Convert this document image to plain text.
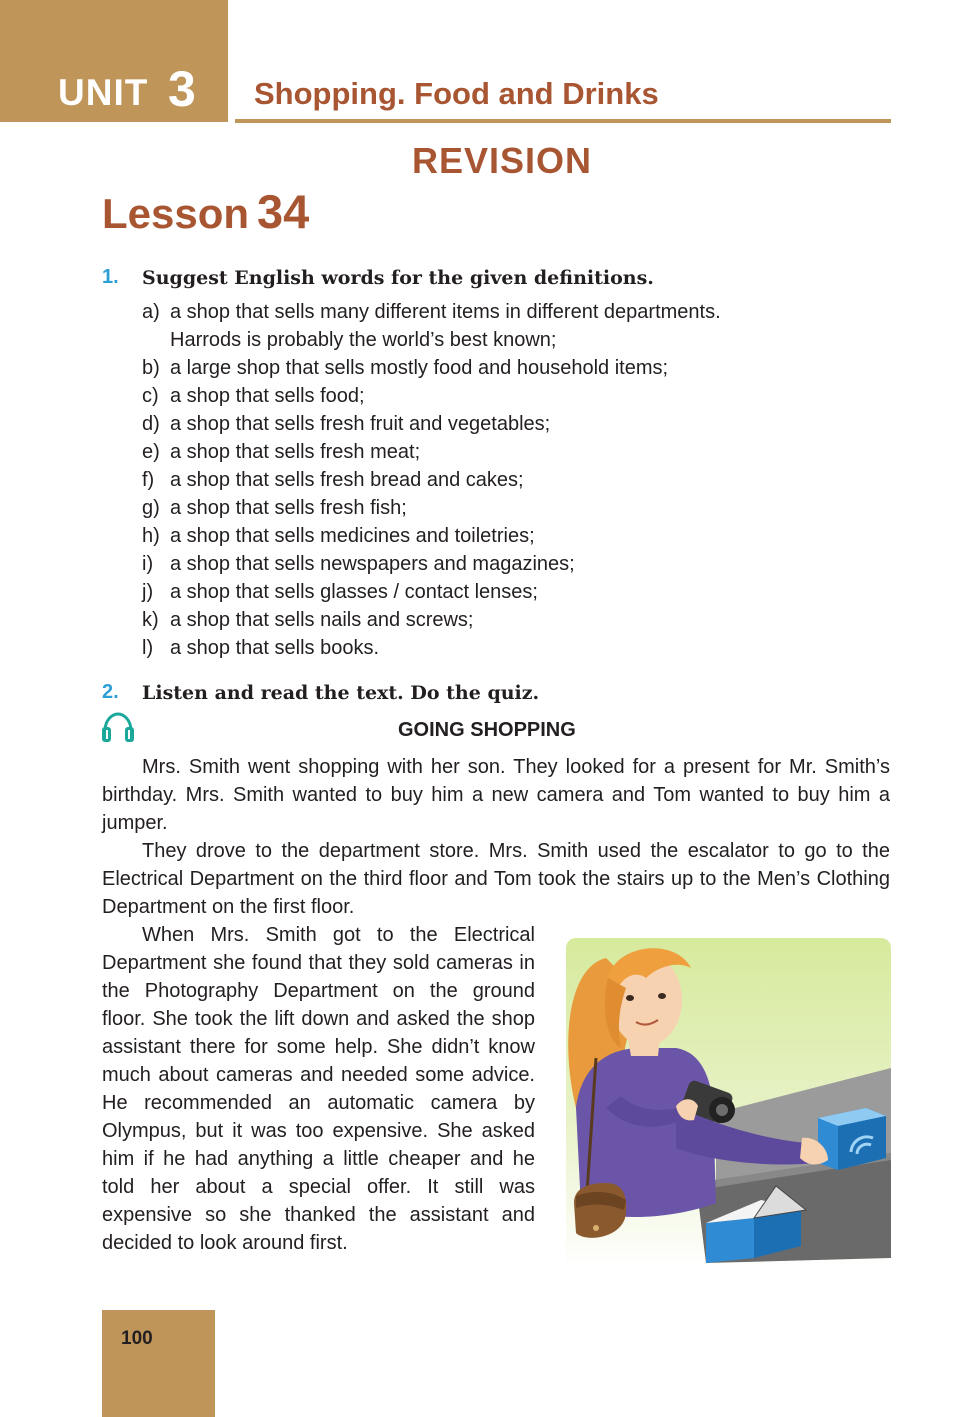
UNIT 3 Shopping. Food and Drinks
REVISION
Lesson 34
1. Suggest English words for the given definitions.
a) a shop that sells many different items in different departments.
Harrods is probably the world’s best known;
b) a large shop that sells mostly food and household items;
c) a shop that sells food;
d) a shop that sells fresh fruit and vegetables;
e) a shop that sells fresh meat;
f) a shop that sells fresh bread and cakes;
g) a shop that sells fresh fish;
h) a shop that sells medicines and toiletries;
i) a shop that sells newspapers and magazines;
j) a shop that sells glasses / contact lenses;
k) a shop that sells nails and screws;
l) a shop that sells books.
2. Listen and read the text. Do the quiz.
GOING SHOPPING
Mrs. Smith went shopping with her son. They looked for a present for Mr. Smith’s birthday. Mrs. Smith wanted to buy him a new camera and Tom wanted to buy him a jumper.
They drove to the department store. Mrs. Smith used the escalator to go to the Electrical Department on the third floor and Tom took the stairs up to the Men’s Clothing Department on the first floor.
When Mrs. Smith got to the Electrical Department she found that they sold cameras in the Photography Department on the ground floor. She took the lift down and asked the shop assistant there for some help. She didn’t know much about cameras and needed some advice. He recommended an automatic camera by Olympus, but it was too expensive. She asked him if he had anything a little cheaper and he told her about a special offer. It still was expensive so she thanked the assistant and decided to look around first.
100
